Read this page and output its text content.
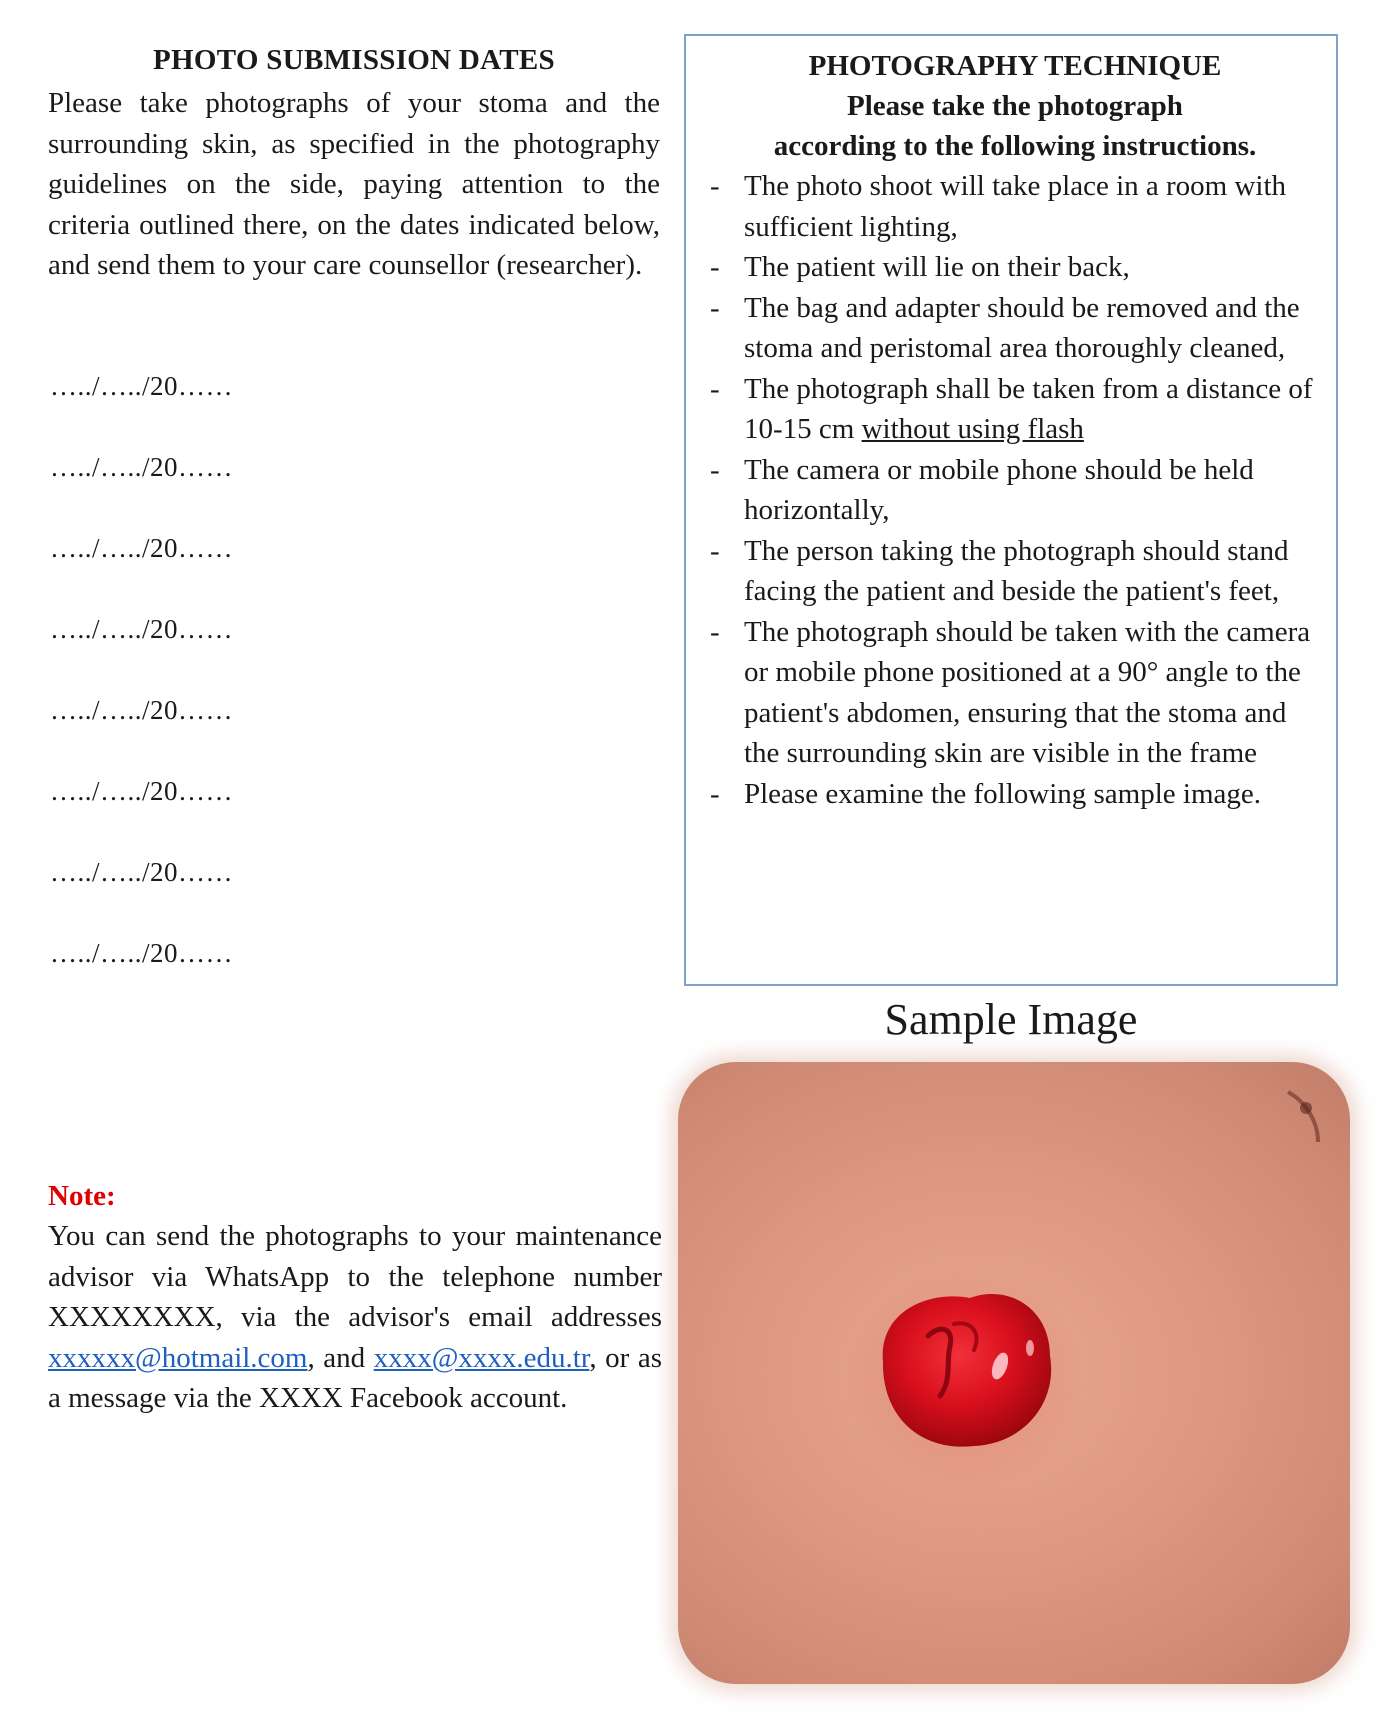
PHOTO SUBMISSION DATES

Please take photographs of your stoma and the surrounding skin, as specified in the photography guidelines on the side, paying attention to the criteria outlined there, on the dates indicated below, and send them to your care counsellor (researcher).

…../…../20……
…../…../20……
…../…../20……
…../…../20……
…../…../20……
…../…../20……
…../…../20……
…../…../20……

PHOTOGRAPHY TECHNIQUE

Please take the photograph

according to the following instructions.

- The photo shoot will take place in a room with sufficient lighting,
- The patient will lie on their back,
- The bag and adapter should be removed and the stoma and peristomal area thoroughly cleaned,
- The photograph shall be taken from a distance of 10-15 cm without using flash
- The camera or mobile phone should be held horizontally,
- The person taking the photograph should stand facing the patient and beside the patient's feet,
- The photograph should be taken with the camera or mobile phone positioned at a 90° angle to the patient's abdomen, ensuring that the stoma and the surrounding skin are visible in the frame
- Please examine the following sample image.
Sample Image

Note:

You can send the photographs to your maintenance advisor via WhatsApp to the telephone number XXXXXXXX, via the advisor's email addresses xxxxxx@hotmail.com, and xxxx@xxxx.edu.tr, or as a message via the XXXX Facebook account.
